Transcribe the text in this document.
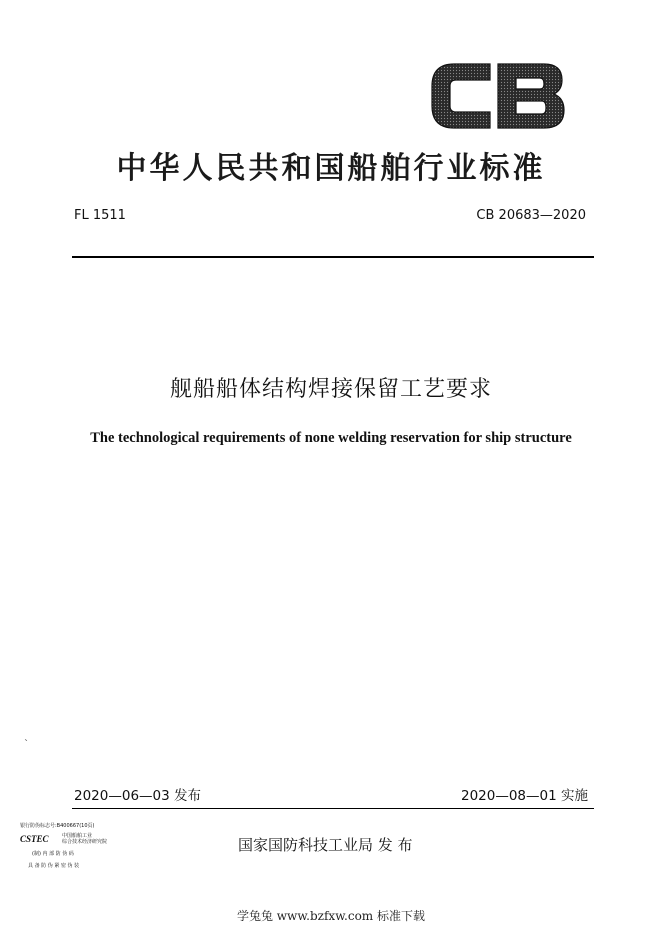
中华人民共和国船舶行业标准
FL 1511	CB 20683—2020
舰船船体结构焊接保留工艺要求
The technological requirements of none welding reservation for ship structure
`
2020—06—03 发布	2020—08—01 实施
银行防伪标志号:B400667(10页)
CSTEC	中国船舶工业
综合技术经济研究院
(制) 内 部 防 伪 码
具 备 防 伪 紧 密 伪 装
国家国防科技工业局 发 布
学兔兔 www.bzfxw.com 标准下载
